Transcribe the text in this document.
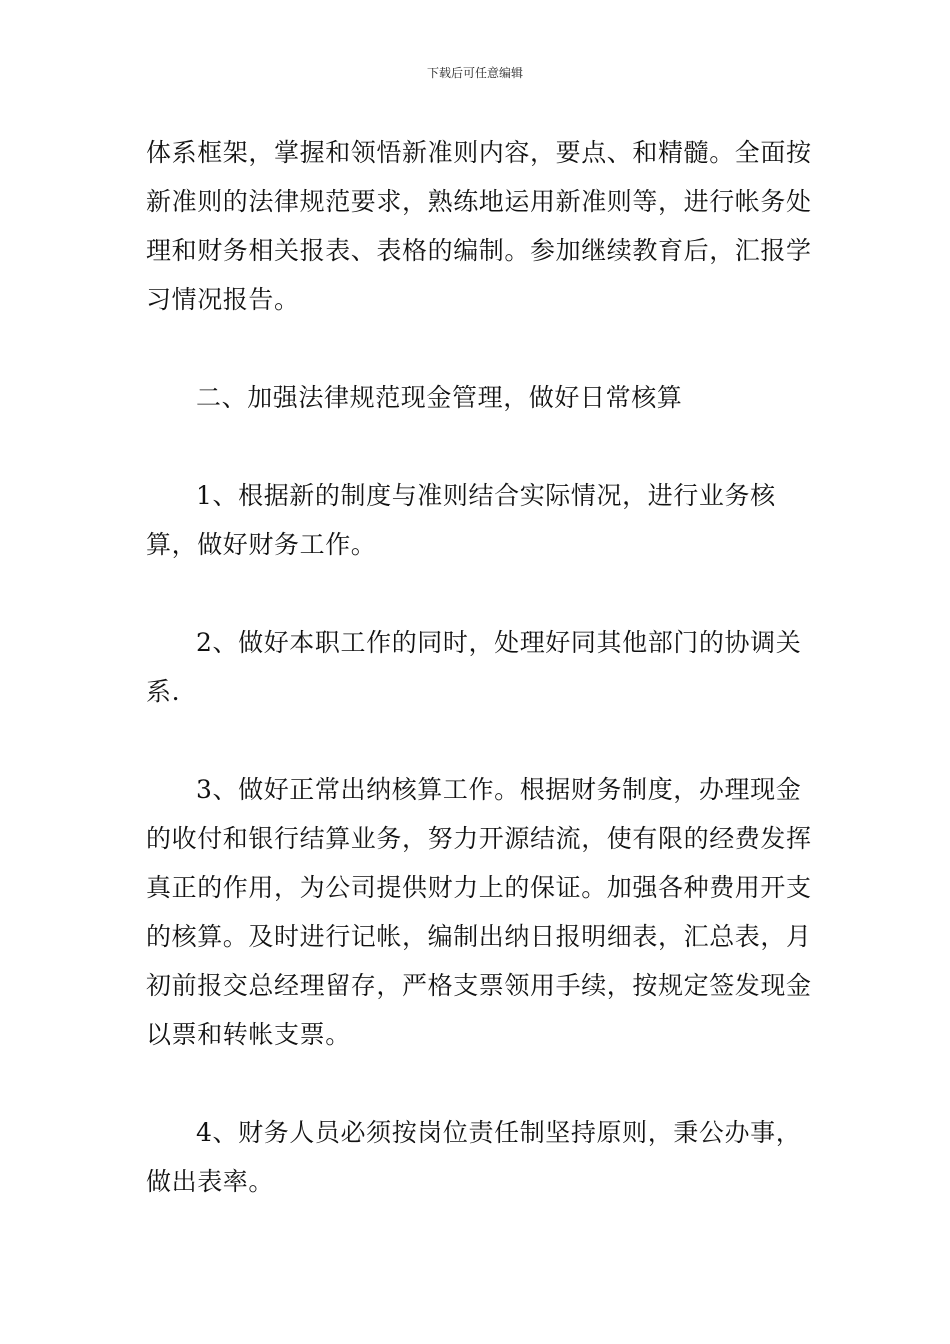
下载后可任意编辑

体系框架，掌握和领悟新准则内容，要点、和精髓。全面按新准则的法律规范要求，熟练地运用新准则等，进行帐务处理和财务相关报表、表格的编制。参加继续教育后，汇报学习情况报告。

二、加强法律规范现金管理，做好日常核算

1、根据新的制度与准则结合实际情况，进行业务核算，做好财务工作。

2、做好本职工作的同时，处理好同其他部门的协调关系.

3、做好正常出纳核算工作。根据财务制度，办理现金的收付和银行结算业务，努力开源结流，使有限的经费发挥真正的作用，为公司提供财力上的保证。加强各种费用开支的核算。及时进行记帐，编制出纳日报明细表，汇总表，月初前报交总经理留存，严格支票领用手续，按规定签发现金以票和转帐支票。

4、财务人员必须按岗位责任制坚持原则，秉公办事，做出表率。
